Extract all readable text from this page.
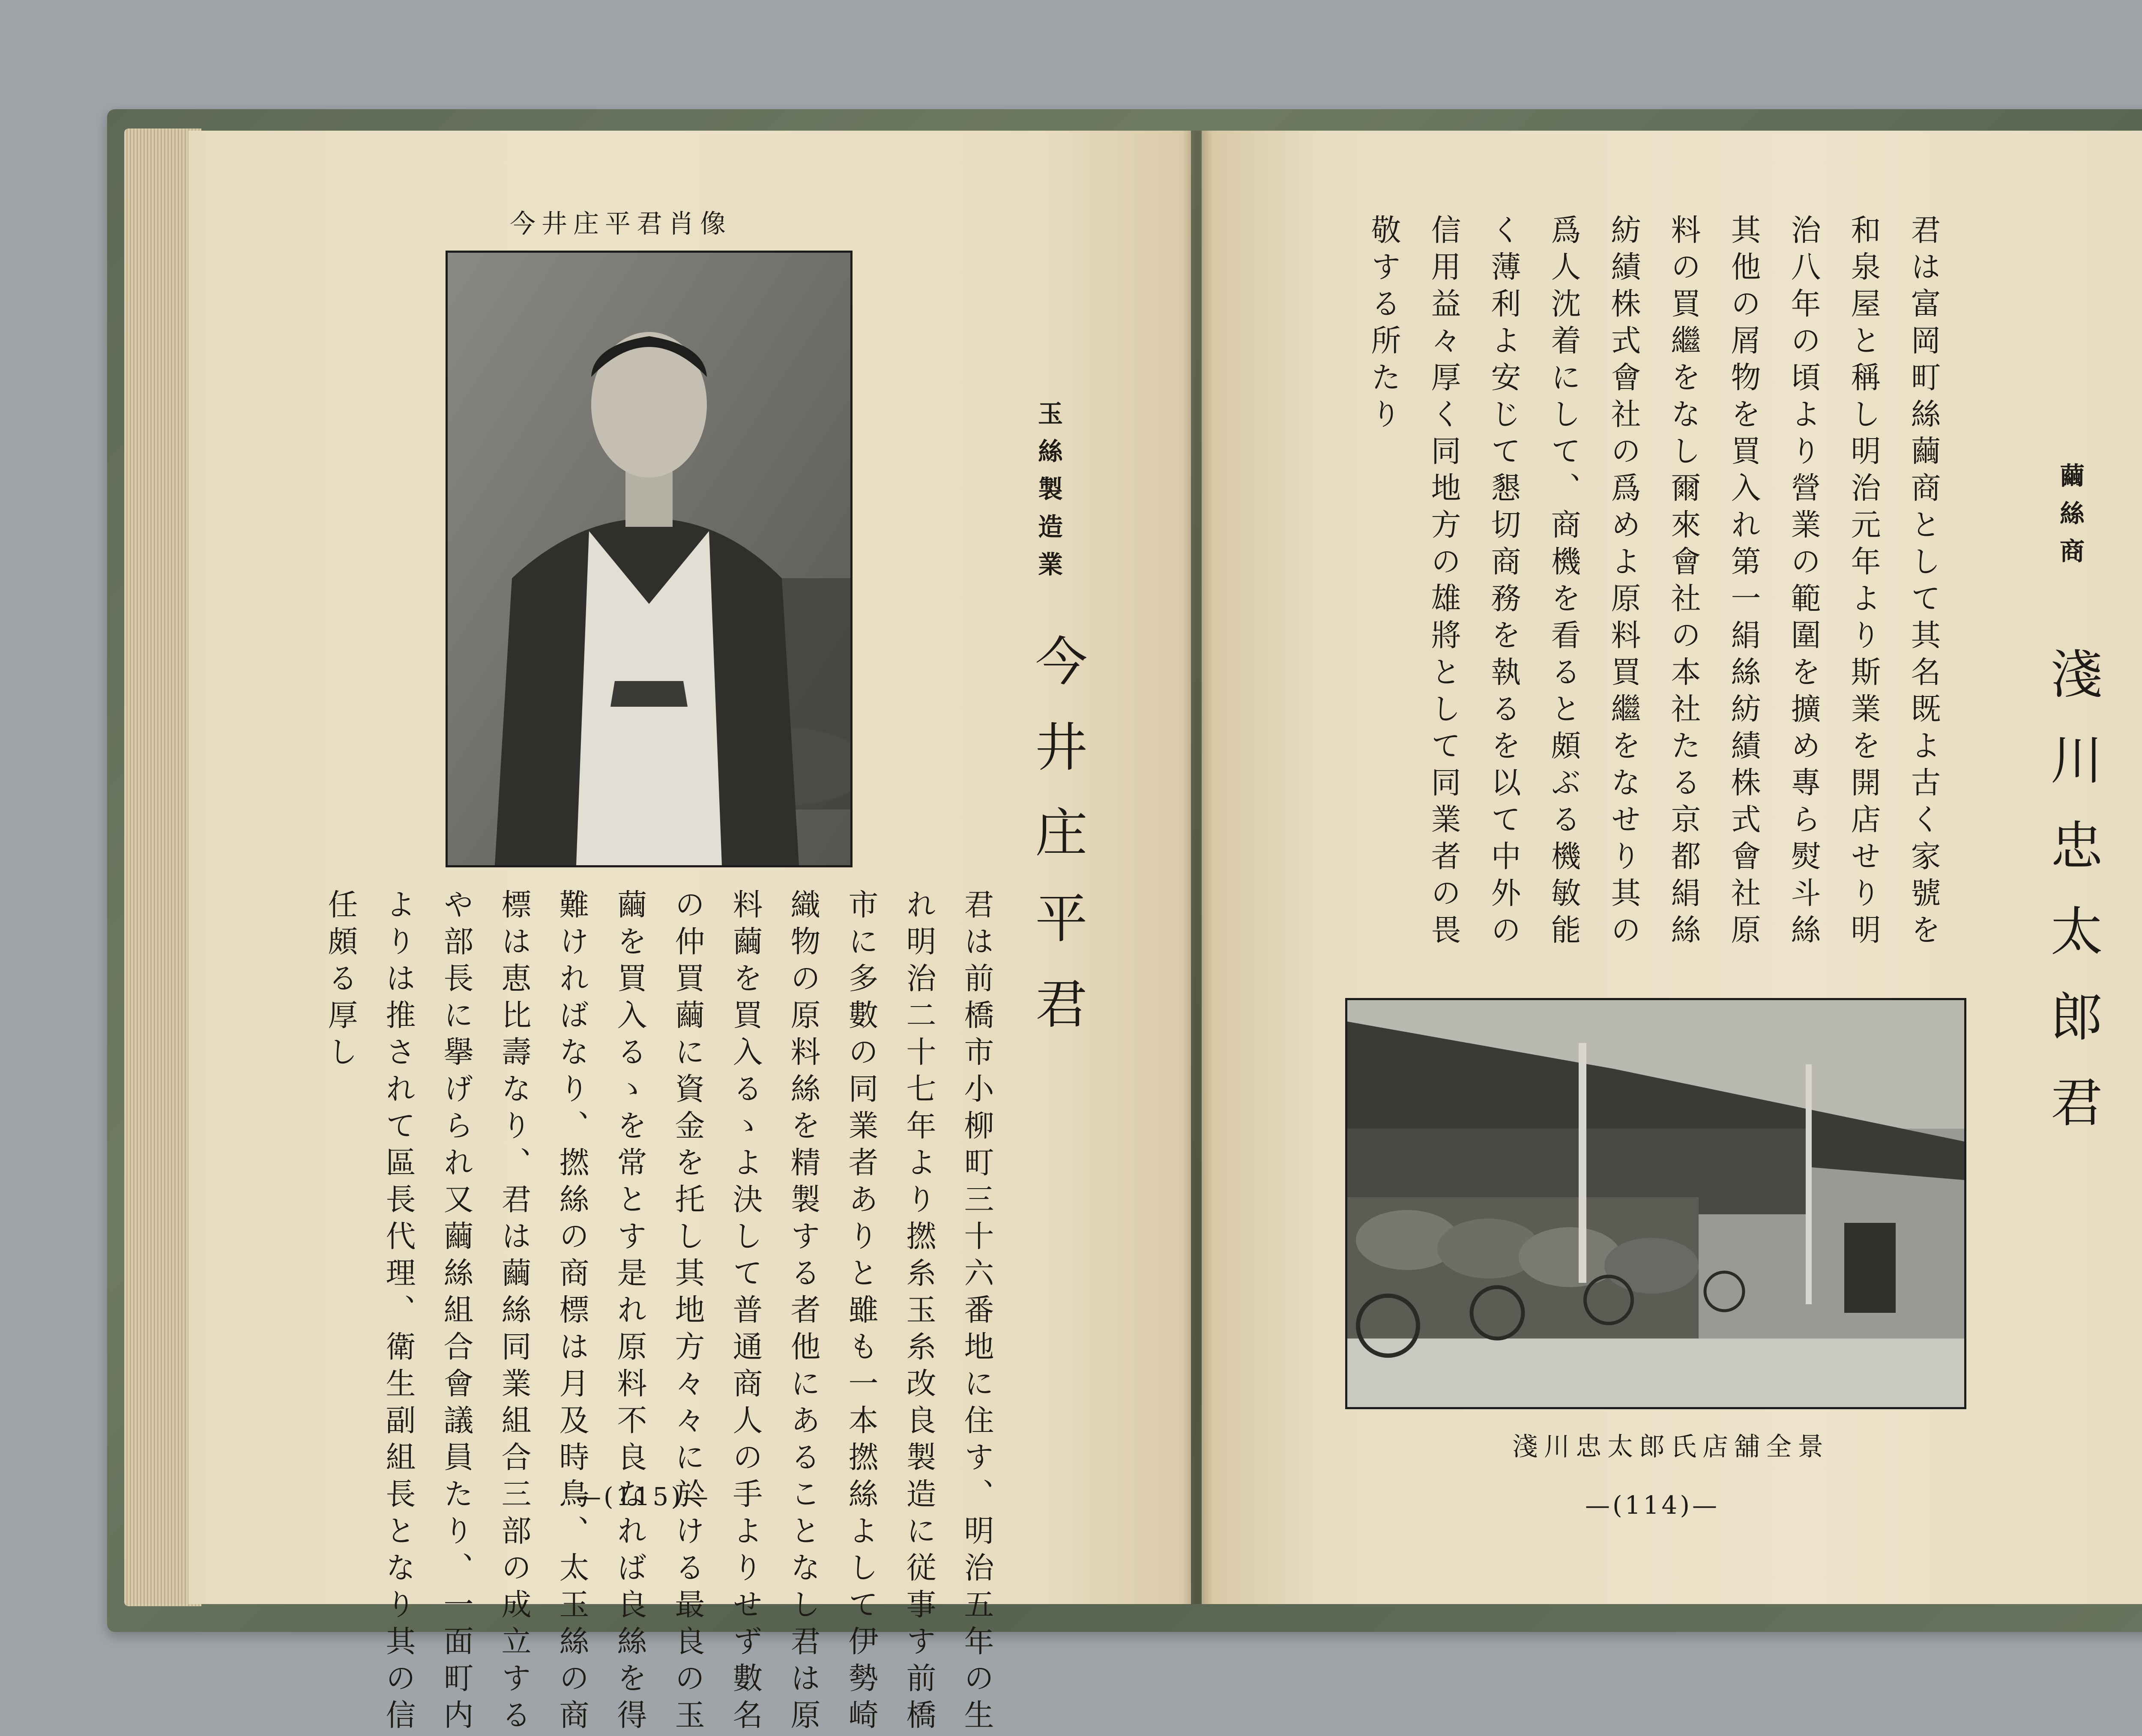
今井庄平君肖像
玉絲製造業
今井庄平君
君は前橋市小柳町三十六番地に住す、明治五年の生
れ明治二十七年より撚糸玉糸改良製造に従事す前橋
市に多數の同業者ありと雖も一本撚絲よして伊勢崎
織物の原料絲を精製する者他にあることなし君は原
料繭を買入るゝよ決して普通商人の手よりせず數名
の仲買繭に資金を托し其地方々々に於ける最良の玉
繭を買入るゝを常とす是れ原料不良なれば良絲を得
難ければなり、撚絲の商標は月及時鳥、太玉絲の商
標は恵比壽なり、君は繭絲同業組合三部の成立する
や部長に擧げられ又繭絲組合會議員たり、一面町内
よりは推されて區長代理、衛生副組長となり其の信
任頗る厚し
—(115)—
繭絲商
淺川忠太郎君
君は富岡町絲繭商として其名既よ古く家號を
和泉屋と稱し明治元年より斯業を開店せり明
治八年の頃より營業の範圍を擴め專ら熨斗絲
其他の屑物を買入れ第一絹絲紡績株式會社原
料の買繼をなし爾來會社の本社たる京都絹絲
紡績株式會社の爲めよ原料買繼をなせり其の
爲人沈着にして、商機を看ると頗ぶる機敏能
く薄利よ安じて懇切商務を執るを以て中外の
信用益々厚く同地方の雄將として同業者の畏
敬する所たり
淺川忠太郎氏店舖全景
—(114)—
